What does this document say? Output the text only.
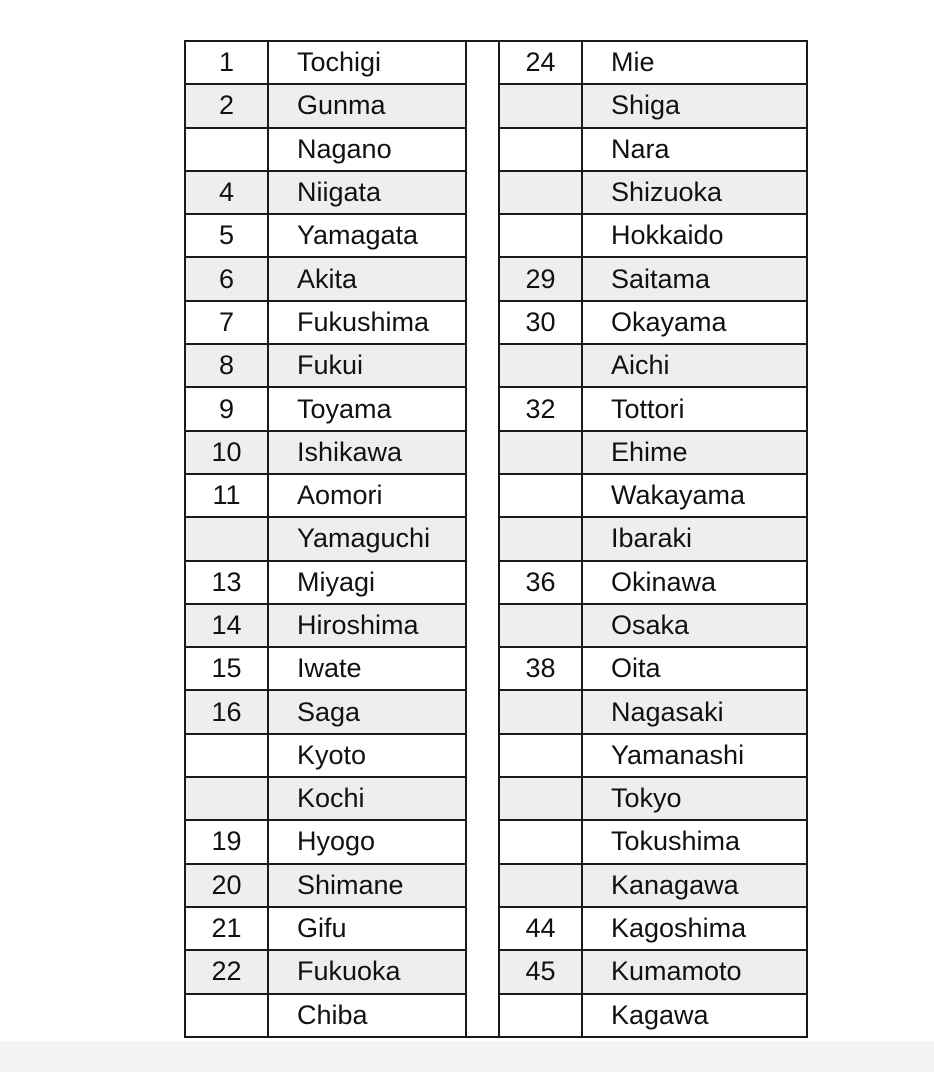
1	Tochigi		24	Mie
2	Gunma			Shiga
	Nagano			Nara
4	Niigata			Shizuoka
5	Yamagata			Hokkaido
6	Akita		29	Saitama
7	Fukushima		30	Okayama
8	Fukui			Aichi
9	Toyama		32	Tottori
10	Ishikawa			Ehime
11	Aomori			Wakayama
	Yamaguchi			Ibaraki
13	Miyagi		36	Okinawa
14	Hiroshima			Osaka
15	Iwate		38	Oita
16	Saga			Nagasaki
	Kyoto			Yamanashi
	Kochi			Tokyo
19	Hyogo			Tokushima
20	Shimane			Kanagawa
21	Gifu		44	Kagoshima
22	Fukuoka		45	Kumamoto
	Chiba			Kagawa
